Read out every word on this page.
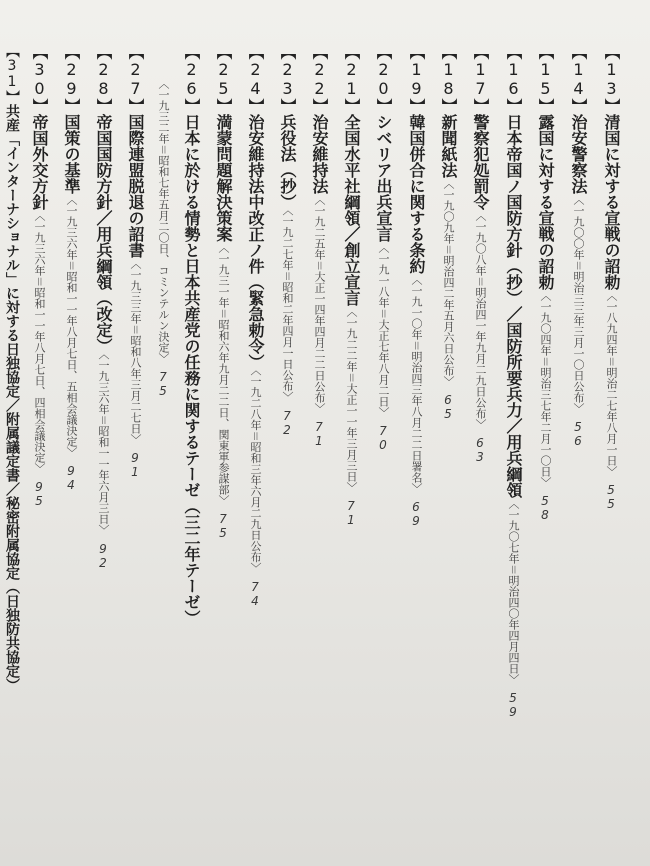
【13】清国に対する宣戦の詔勅〈一八九四年＝明治二七年八月一日〉55
【14】治安警察法〈一九〇〇年＝明治三三年三月一〇日公布〉56
【15】露国に対する宣戦の詔勅〈一九〇四年＝明治三七年二月一〇日〉58
【16】日本帝国ノ国防方針（抄）／国防所要兵力／用兵綱領〈一九〇七年＝明治四〇年四月四日〉59
【17】警察犯処罰令〈一九〇八年＝明治四一年九月二九日公布〉63
【18】新聞紙法〈一九〇九年＝明治四二年五月六日公布〉65
【19】韓国併合に関する条約〈一九一〇年＝明治四三年八月二二日署名〉69
【20】シベリア出兵宣言〈一九一八年＝大正七年八月二日〉70
【21】全国水平社綱領／創立宣言〈一九二二年＝大正一一年三月三日〉71
【22】治安維持法〈一九二五年＝大正一四年四月二二日公布〉71
【23】兵役法（抄）〈一九二七年＝昭和二年四月一日公布〉72
【24】治安維持法中改正ノ件（緊急勅令）〈一九二八年＝昭和三年六月二九日公布〉74
【25】満蒙問題解決策案〈一九三一年＝昭和六年九月二二日、関東軍参謀部〉75
【26】日本に於ける情勢と日本共産党の任務に関するテーゼ（三二年テーゼ）
〈一九三二年＝昭和七年五月二〇日、コミンテルン決定〉75
【27】国際連盟脱退の詔書〈一九三三年＝昭和八年三月二七日〉91
【28】帝国国防方針／用兵綱領（改定）〈一九三六年＝昭和一一年六月三日〉92
【29】国策の基準〈一九三六年＝昭和一一年八月七日、五相会議決定〉94
【30】帝国外交方針〈一九三六年＝昭和一一年八月七日、四相会議決定〉95
【31】共産「インターナショナル」に対する日独協定／附属議定書／秘密附属協定（日独防共協定）
